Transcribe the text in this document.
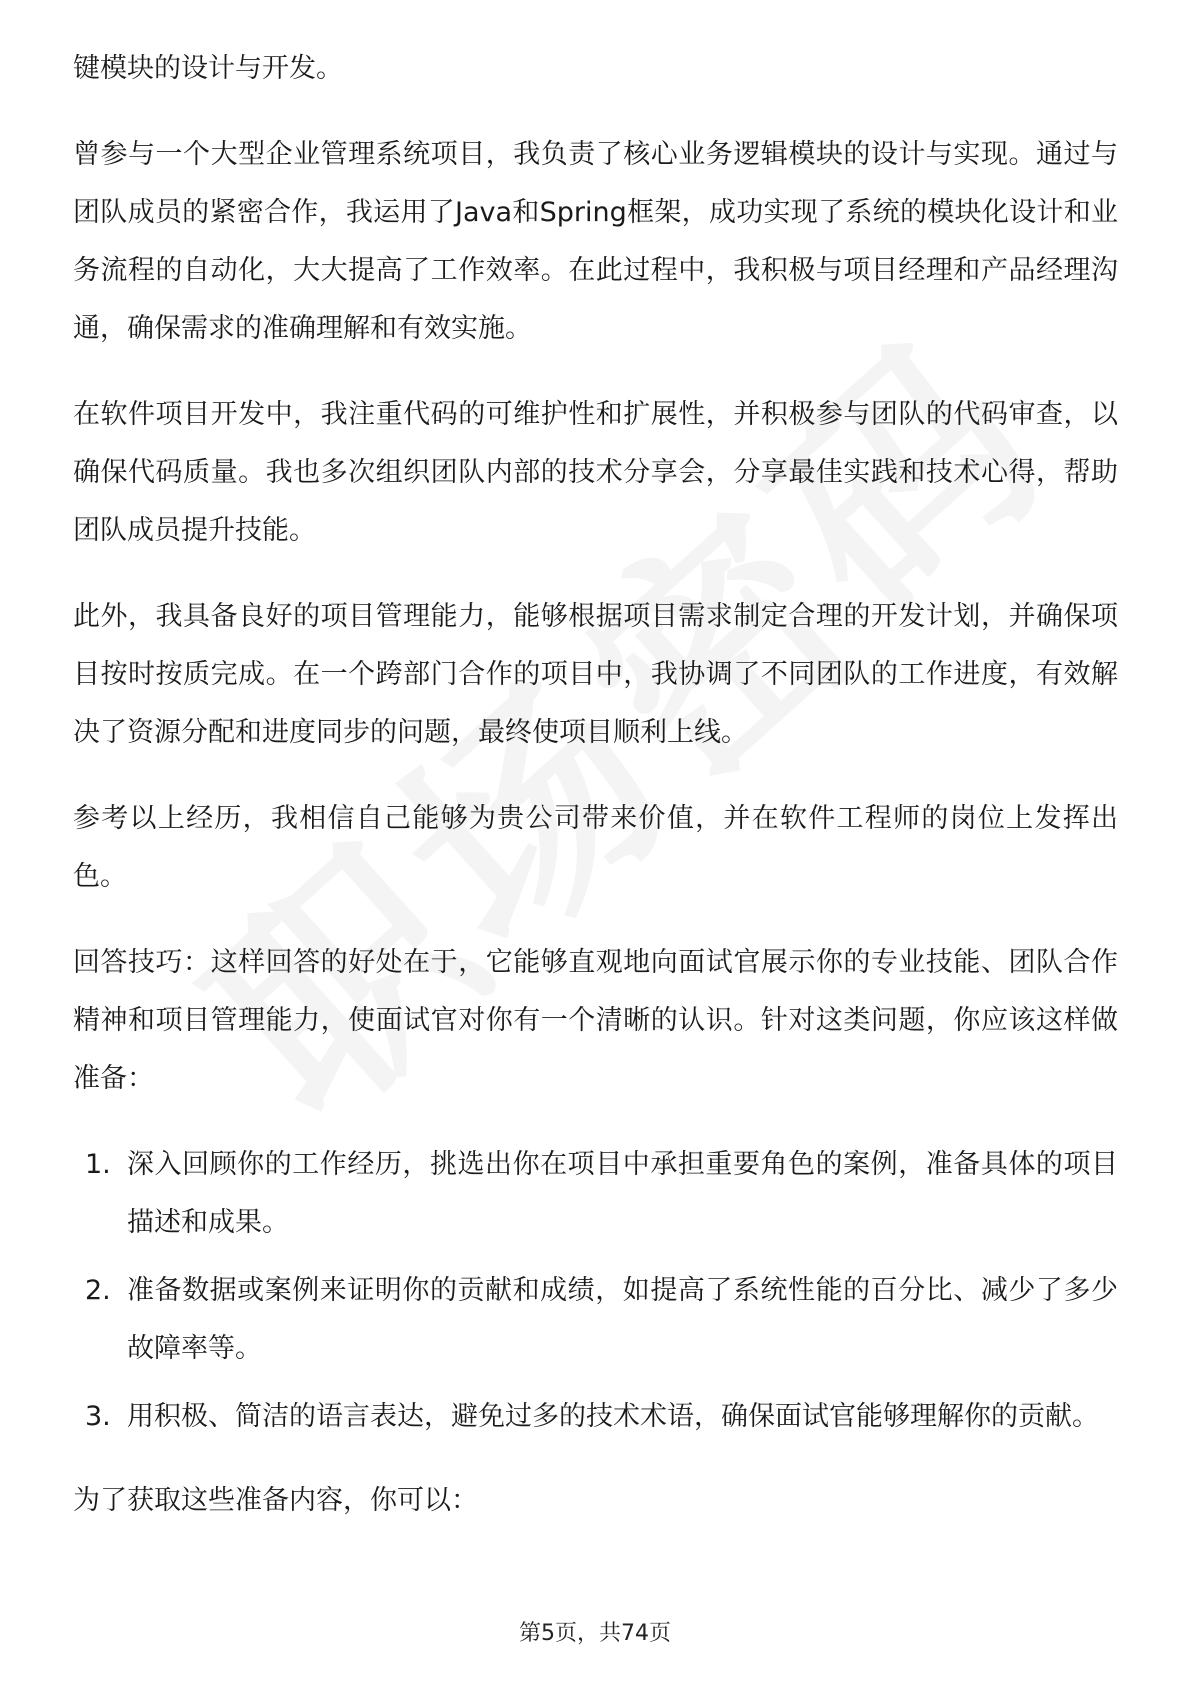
键模块的设计与开发。

曾参与一个大型企业管理系统项目，我负责了核心业务逻辑模块的设计与实现。通过与团队成员的紧密合作，我运用了Java和Spring框架，成功实现了系统的模块化设计和业务流程的自动化，大大提高了工作效率。在此过程中，我积极与项目经理和产品经理沟通，确保需求的准确理解和有效实施。

在软件项目开发中，我注重代码的可维护性和扩展性，并积极参与团队的代码审查，以确保代码质量。我也多次组织团队内部的技术分享会，分享最佳实践和技术心得，帮助团队成员提升技能。

此外，我具备良好的项目管理能力，能够根据项目需求制定合理的开发计划，并确保项目按时按质完成。在一个跨部门合作的项目中，我协调了不同团队的工作进度，有效解决了资源分配和进度同步的问题，最终使项目顺利上线。

参考以上经历，我相信自己能够为贵公司带来价值，并在软件工程师的岗位上发挥出色。

回答技巧：这样回答的好处在于，它能够直观地向面试官展示你的专业技能、团队合作精神和项目管理能力，使面试官对你有一个清晰的认识。针对这类问题，你应该这样做准备：

1. 深入回顾你的工作经历，挑选出你在项目中承担重要角色的案例，准备具体的项目描述和成果。
2. 准备数据或案例来证明你的贡献和成绩，如提高了系统性能的百分比、减少了多少故障率等。
3. 用积极、简洁的语言表达，避免过多的技术术语，确保面试官能够理解你的贡献。

为了获取这些准备内容，你可以：

第5页，共74页
